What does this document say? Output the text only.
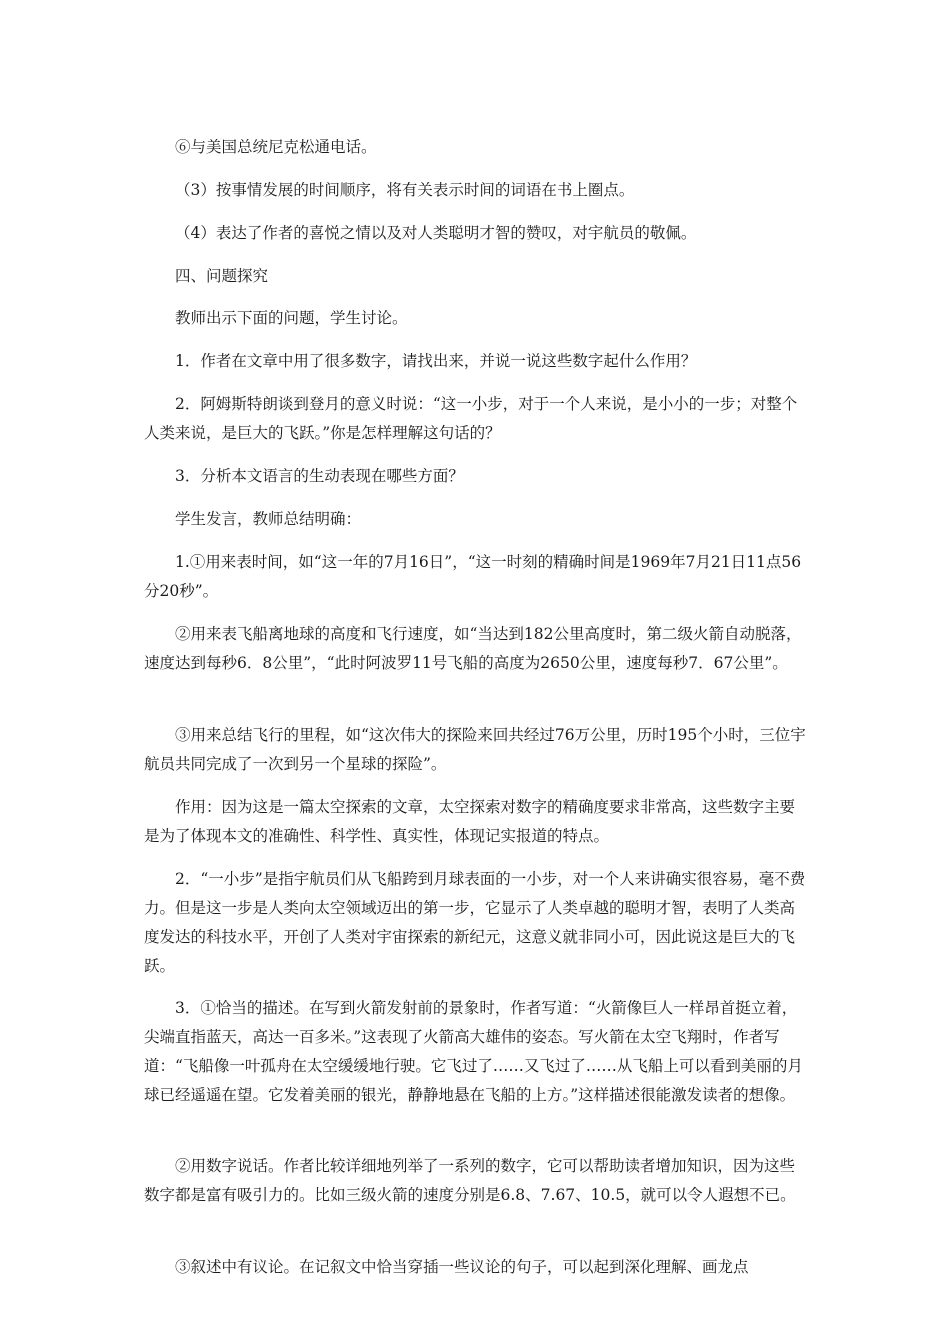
⑥与美国总统尼克松通电话。

（3）按事情发展的时间顺序，将有关表示时间的词语在书上圈点。

（4）表达了作者的喜悦之情以及对人类聪明才智的赞叹，对宇航员的敬佩。

四、问题探究

教师出示下面的问题，学生讨论。

1．作者在文章中用了很多数字，请找出来，并说一说这些数字起什么作用？

2．阿姆斯特朗谈到登月的意义时说：“这一小步，对于一个人来说，是小小的一步；对整个人类来说，是巨大的飞跃。”你是怎样理解这句话的？

3．分析本文语言的生动表现在哪些方面？

学生发言，教师总结明确：

1.①用来表时间，如“这一年的7月16日”，“这一时刻的精确时间是1969年7月21日11点56分20秒”。

②用来表飞船离地球的高度和飞行速度，如“当达到182公里高度时，第二级火箭自动脱落，速度达到每秒6．8公里”，“此时阿波罗11号飞船的高度为2650公里，速度每秒7．67公里”。

③用来总结飞行的里程，如“这次伟大的探险来回共经过76万公里，历时195个小时，三位宇航员共同完成了一次到另一个星球的探险”。

作用：因为这是一篇太空探索的文章，太空探索对数字的精确度要求非常高，这些数字主要是为了体现本文的准确性、科学性、真实性，体现记实报道的特点。

2．“一小步”是指宇航员们从飞船跨到月球表面的一小步，对一个人来讲确实很容易，毫不费力。但是这一步是人类向太空领域迈出的第一步，它显示了人类卓越的聪明才智，表明了人类高度发达的科技水平，开创了人类对宇宙探索的新纪元，这意义就非同小可，因此说这是巨大的飞跃。

3．①恰当的描述。在写到火箭发射前的景象时，作者写道：“火箭像巨人一样昂首挺立着，尖端直指蓝天，高达一百多米。”这表现了火箭高大雄伟的姿态。写火箭在太空飞翔时，作者写道：“飞船像一叶孤舟在太空缓缓地行驶。它飞过了……又飞过了……从飞船上可以看到美丽的月球已经遥遥在望。它发着美丽的银光，静静地悬在飞船的上方。”这样描述很能激发读者的想像。

②用数字说话。作者比较详细地列举了一系列的数字，它可以帮助读者增加知识，因为这些数字都是富有吸引力的。比如三级火箭的速度分别是6.8、7.67、10.5，就可以令人遐想不已。

③叙述中有议论。在记叙文中恰当穿插一些议论的句子，可以起到深化理解、画龙点
